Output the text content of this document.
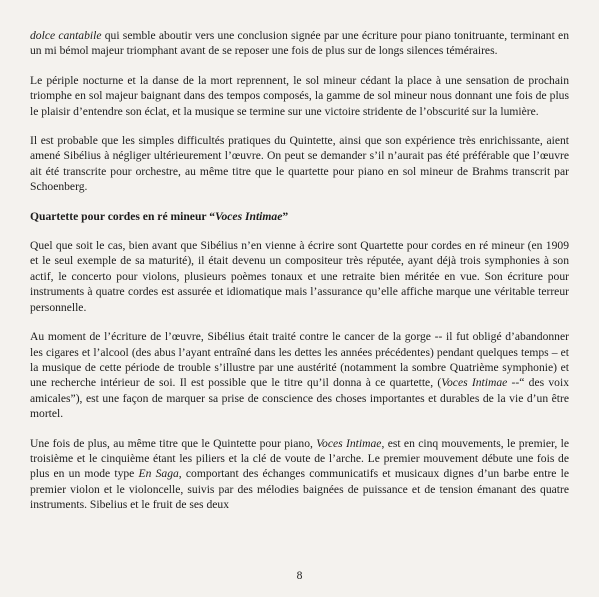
dolce cantabile qui semble aboutir vers une conclusion signée par une écriture pour piano tonitruante, terminant en un mi bémol majeur triomphant avant de se reposer une fois de plus sur de longs silences téméraires.

Le périple nocturne et la danse de la mort reprennent, le sol mineur cédant la place à une sensation de prochain triomphe en sol majeur baignant dans des tempos composés, la gamme de sol mineur nous donnant une fois de plus le plaisir d’entendre son éclat, et la musique se termine sur une victoire stridente de l’obscurité sur la lumière.

Il est probable que les simples difficultés pratiques du Quintette, ainsi que son expérience très enrichissante, aient amené Sibélius à négliger ultérieurement l’œuvre. On peut se demander s’il n’aurait pas été préférable que l’œuvre ait été transcrite pour orchestre, au même titre que le quartette pour piano en sol mineur de Brahms transcrit par Schoenberg.

Quartette pour cordes en ré mineur “Voces Intimae”

Quel que soit le cas, bien avant que Sibélius n’en vienne à écrire sont Quartette pour cordes en ré mineur (en 1909 et le seul exemple de sa maturité), il était devenu un compositeur très réputée, ayant déjà trois symphonies à son actif, le concerto pour violons, plusieurs poèmes tonaux et une retraite bien méritée en vue. Son écriture pour instruments à quatre cordes est assurée et idiomatique mais l’assurance qu’elle affiche marque une véritable terreur personnelle.

Au moment de l’écriture de l’œuvre, Sibélius était traité contre le cancer de la gorge -- il fut obligé d’abandonner les cigares et l’alcool (des abus l’ayant entraîné dans les dettes les années précédentes) pendant quelques temps – et la musique de cette période de trouble s’illustre par une austérité (notamment la sombre Quatrième symphonie) et une recherche intérieur de soi. Il est possible que le titre qu’il donna à ce quartette, (Voces Intimae --“ des voix amicales”), est une façon de marquer sa prise de conscience des choses importantes et durables de la vie d’un être mortel.

Une fois de plus, au même titre que le Quintette pour piano, Voces Intimae, est en cinq mouvements, le premier, le troisième et le cinquième étant les piliers et la clé de voute de l’arche. Le premier mouvement débute une fois de plus en un mode type En Saga, comportant des échanges communicatifs et musicaux dignes d’un barbe entre le premier violon et le violoncelle, suivis par des mélodies baignées de puissance et de tension émanant des quatre instruments. Sibelius et le fruit de ses deux

8
